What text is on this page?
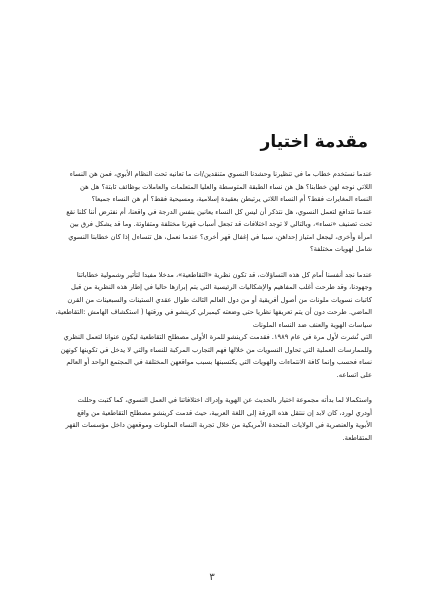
مقدمة اختيار

عندما نستخدم خطاب ما في تنظيرنا وحشدنا النسوي متنقدين/ات ما تعانيه تحت النظام الأبوي، فمن هن النساء
اللاتي نوجه لهن خطابنا؟ هل هن نساء الطبقة المتوسطة والعليا المتعلمات والعاملات بوظائف ثابتة؟ هل هن
النساء المغايرات فقط؟ أم النساء اللاتي يرتبطن بعقيدة إسلامية، ومسيحية فقط؟ أم هن النساء جميعا؟
عندما نتدافع لتعمل النسوي، هل نتذكر أن ليس كل النساء يعانين بنفس الدرجة في واقعنا، أم نفترض أننا كلنا نقع
تحت تصنيف «نساء»، وبالتالي لا توجد اختلافات قد تجعل أسباب قهرنا مختلفة ومتفاوتة. وما قد يشكل فرق بين
امرأة وأخرى، ليجعل امتياز إحداهن، سببا في إغفال قهر أخرى؟ عندما نعمل، هل تتساءل إذا كان خطابنا النسوي
شامل لهويات مختلفة؟

عندما نجد أنفسنا أمام كل هذه التساؤلات، قد تكون نظرية «التقاطعية»، مدخلا مفيدا لتأثير وشمولية خطاباتنا
وجهودنا، وقد طرحت أغلب المفاهيم والإشكاليات الرئيسية التي يتم إبرازها حاليا في إطار هذه النظرية من قبل
كاتبات نسويات ملونات من أصول أفريقية أو من دول العالم الثالث طوال عقدي الستينات والسبعينات من القرن
الماضي. طرحت دون أن يتم تعريفها نظريا حتى وضعته كيمبرلي كرينشو في ورقتها ( استكشاف الهامش :التقاطعية،
سياسات الهوية والعنف ضد النساء الملونات
التي نُشرت لأول مرة في عام ١٩٨٩. فقدمت كرينشو للمرة الأولى مصطلح التقاطعية ليكون عنوانا لتعمل النظري
وللممارسات العملية التي تحاول النسويات من خلالها فهم التجارب المركبة للنساء والتي لا يدخل في تكوينها كونهن
نساء فحسب وإنما كافة الانتماءات والهويات التي يكتسبنها بسبب مواقعهن المختلفة في المجتمع الواحد أو العالم
على اتساعه.

واستكمالا لما بدأته مجموعة اختيار بالحديث عن الهوية وإدراك اختلافاتنا في العمل النسوي، كما كتبت وحللت
أودري لورد، كان لابد إن ننتقل هذه الورقة إلى اللغة العربية، حيث قدمت كرينشو مصطلح التقاطعية من واقع
الأبوية والعنصرية في الولايات المتحدة الأمريكية من خلال تجربة النساء الملونات وموقعهن داخل مؤسسات القهر
المتقاطعة.

٣
